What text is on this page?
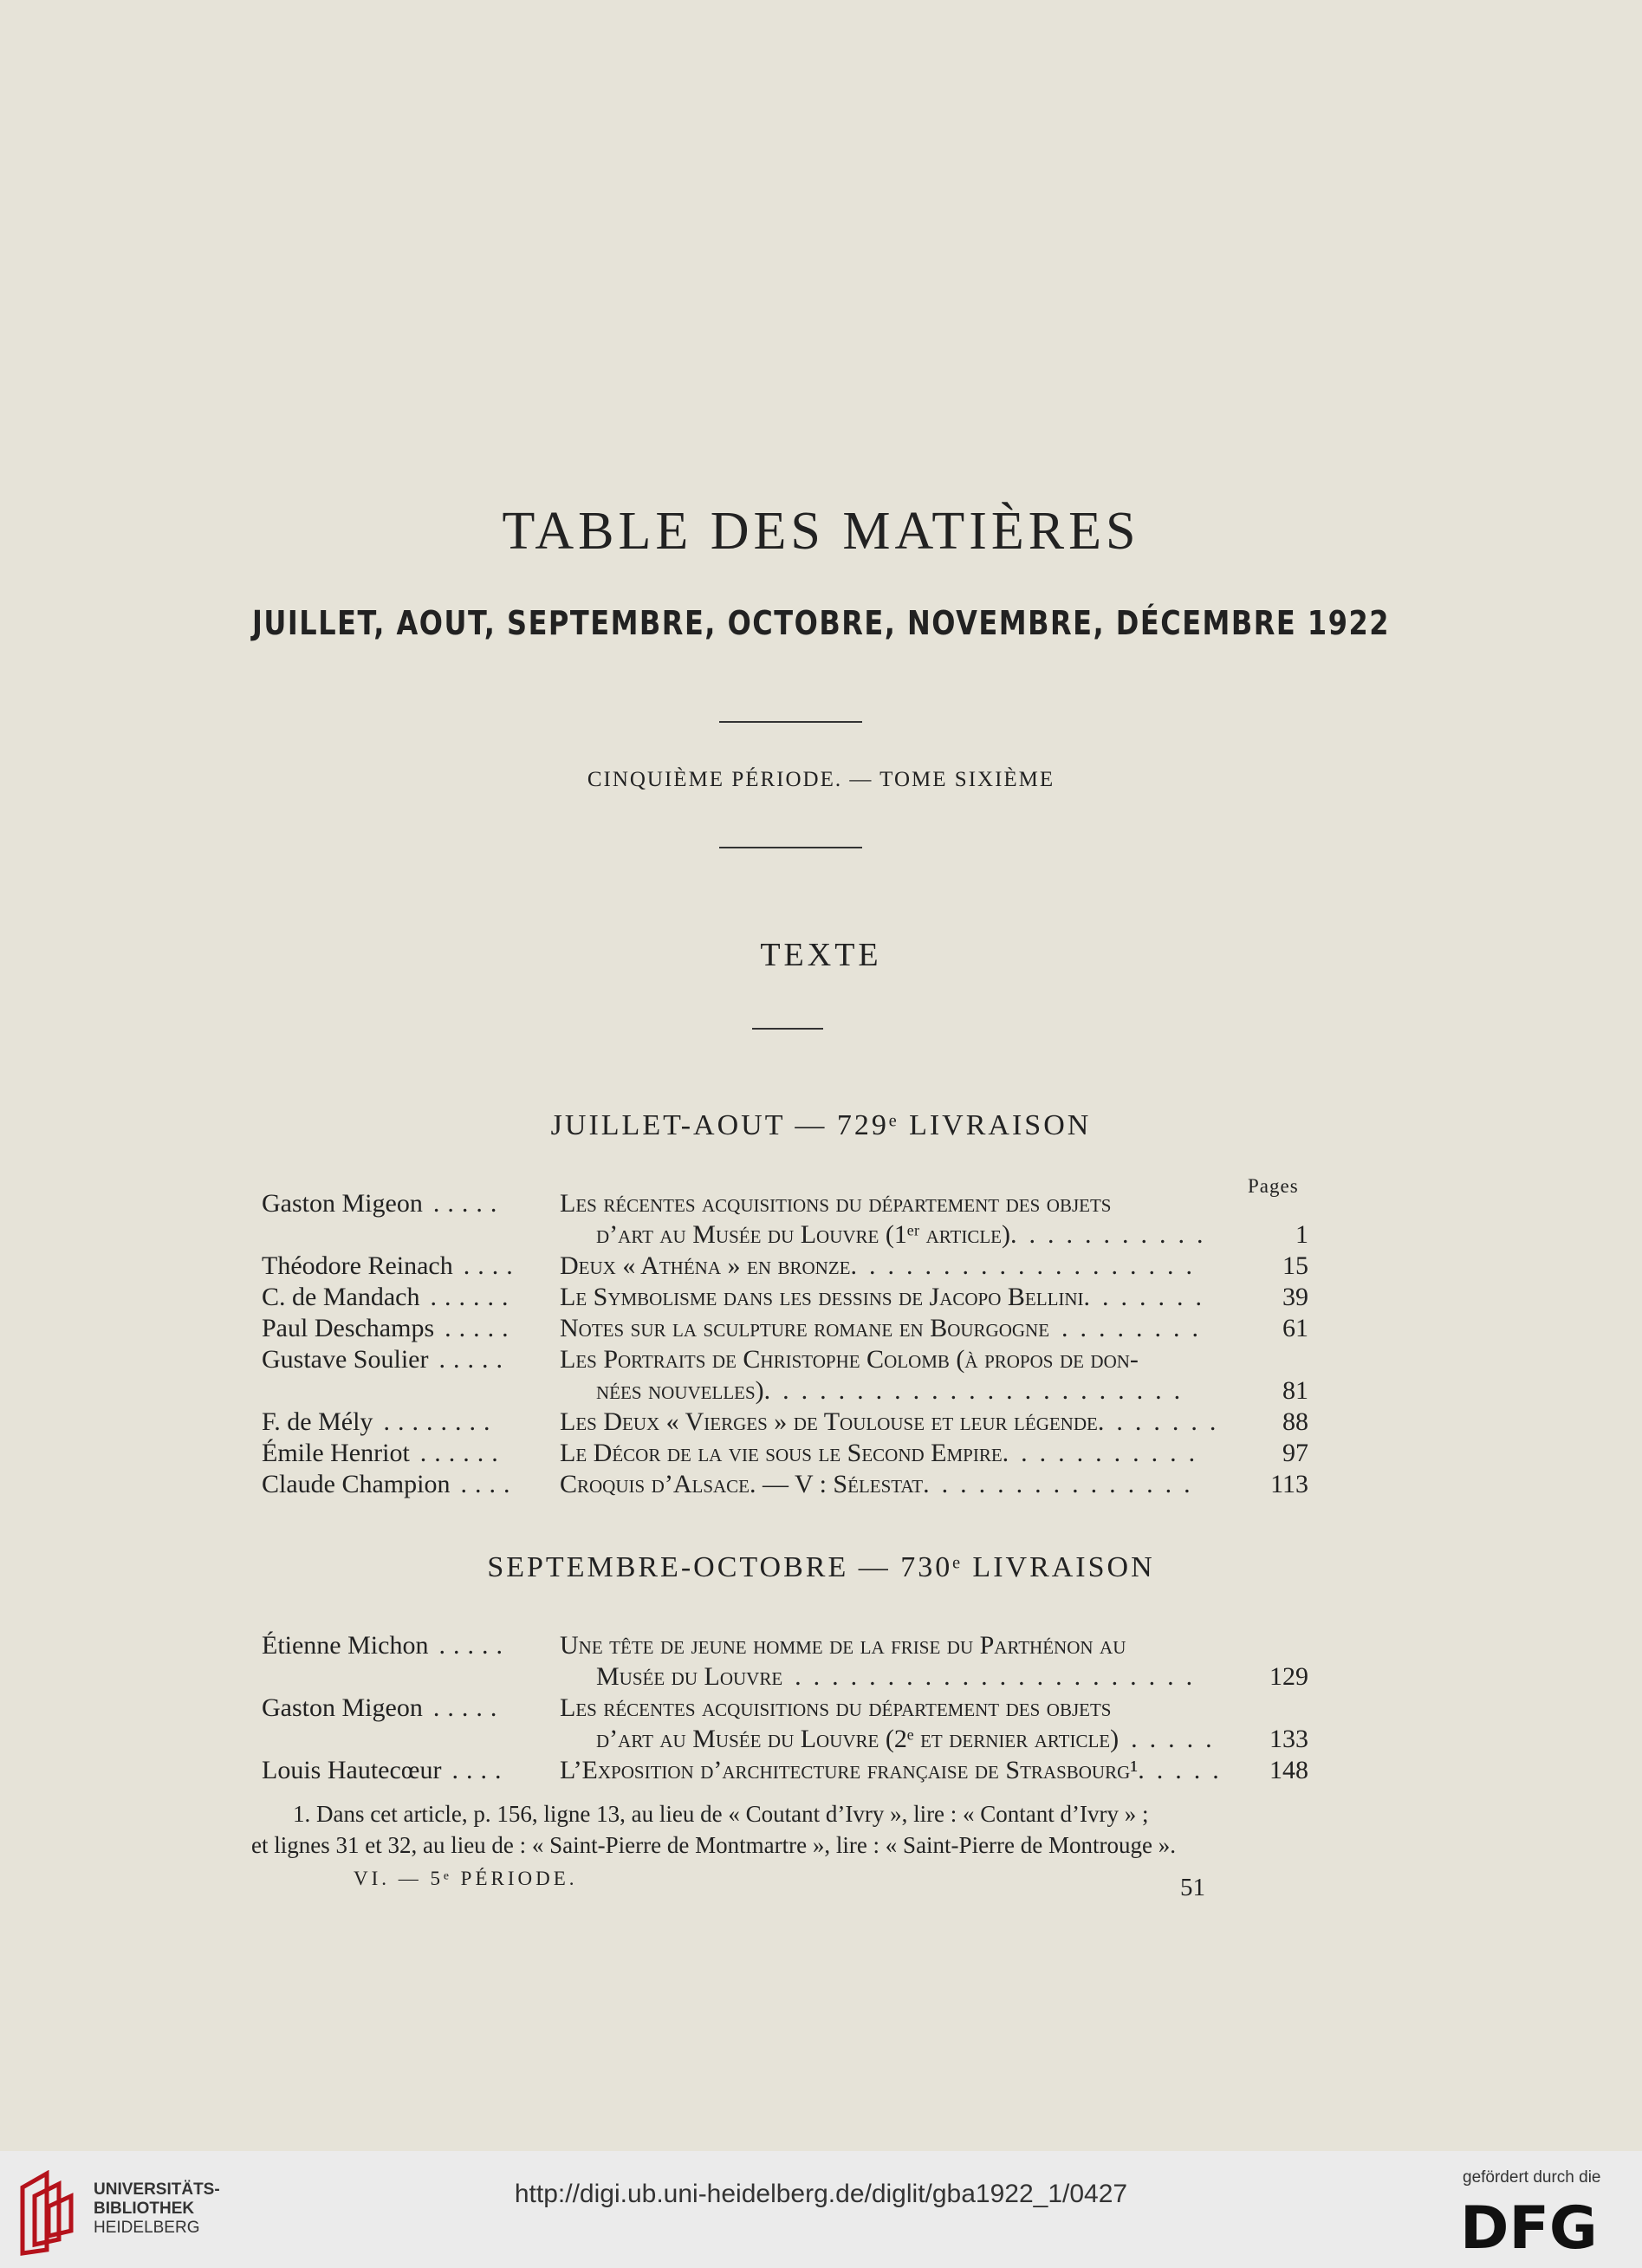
TABLE DES MATIÈRES
JUILLET, AOUT, SEPTEMBRE, OCTOBRE, NOVEMBRE, DÉCEMBRE 1922
CINQUIÈME PÉRIODE. — TOME SIXIÈME
TEXTE
JUILLET-AOUT — 729ᵉ LIVRAISON
Pages
Gaston Migeon ..... Les récentes acquisitions du département des objets
d’art au Musée du Louvre (1ᵉʳ article). ..........	1
Théodore Reinach .... Deux « Athéna » en bronze. ..................	15
C. de Mandach ...... Le Symbolisme dans les dessins de Jacopo Bellini. ......	39
Paul Deschamps ..... Notes sur la sculpture romane en Bourgogne ........	61
Gustave Soulier ..... Les Portraits de Christophe Colomb (à propos de don-
nées nouvelles). ......................	81
F. de Mély ........ Les Deux « Vierges » de Toulouse et leur légende. ......	88
Émile Henriot ...... Le Décor de la vie sous le Second Empire. ..........	97
Claude Champion .... Croquis d’Alsace. — V : Sélestat. ..............	113
SEPTEMBRE-OCTOBRE — 730ᵉ LIVRAISON
Étienne Michon ..... Une tête de jeune homme de la frise du Parthénon au
Musée du Louvre ......................	129
Gaston Migeon ..... Les récentes acquisitions du département des objets
d’art au Musée du Louvre (2ᵉ et dernier article) .....	133
Louis Hautecœur .... L’Exposition d’architecture française de Strasbourg¹. ....	148

1. Dans cet article, p. 156, ligne 13, au lieu de « Coutant d’Ivry », lire : « Contant d’Ivry » ;

et lignes 31 et 32, au lieu de : « Saint-Pierre de Montmartre », lire : « Saint-Pierre de Montrouge ».

VI. — 5ᵉ PÉRIODE.	51
UNIVERSITÄTS-
BIBLIOTHEK
HEIDELBERG
http://digi.ub.uni-heidelberg.de/diglit/gba1922_1/0427
gefördert durch die
DFG
